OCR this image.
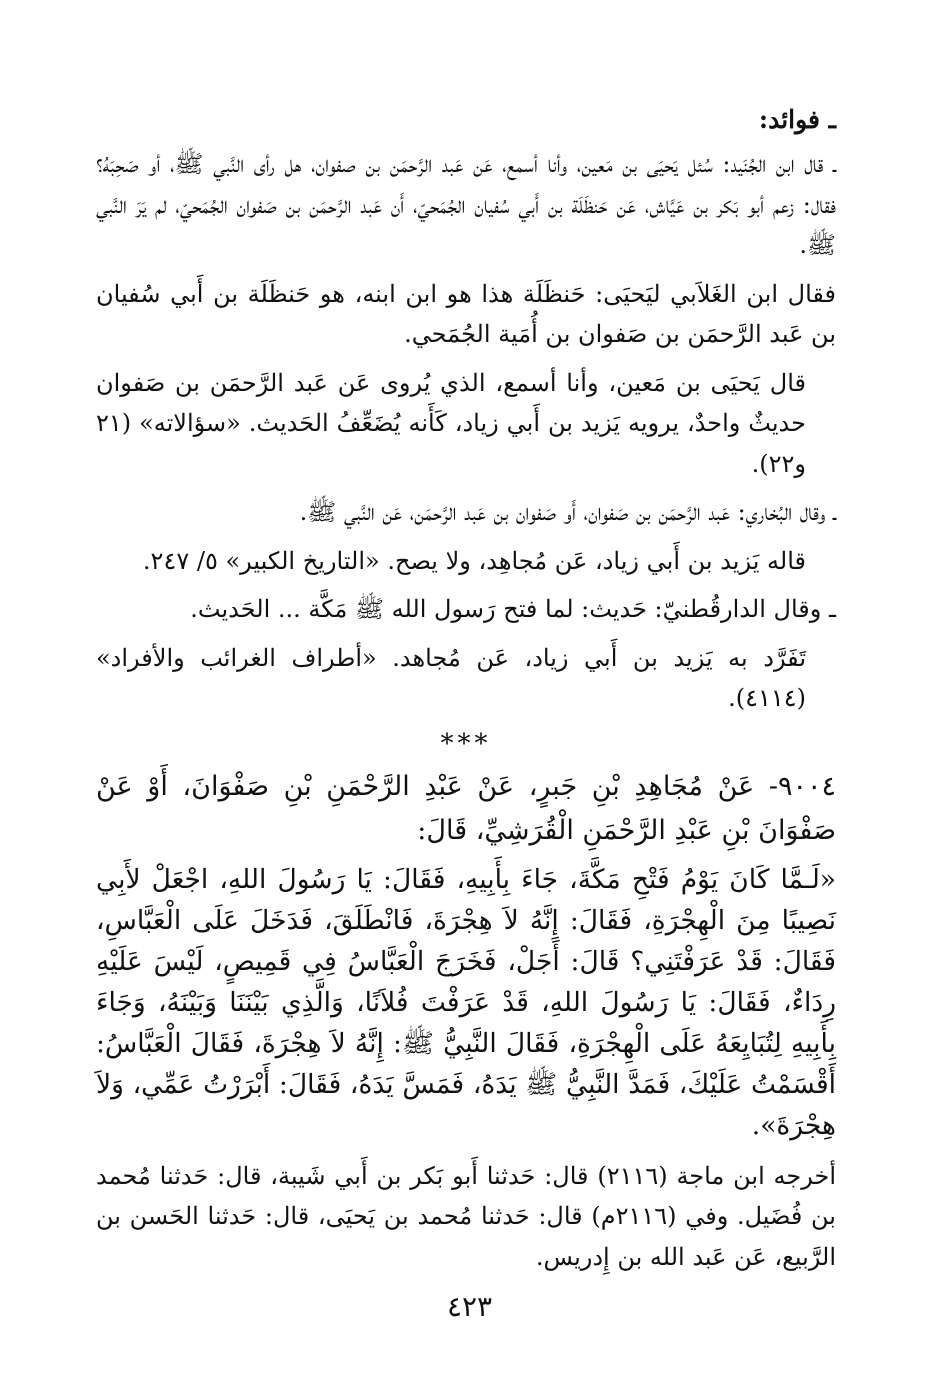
ـ فوائد:
ـ قال ابن الجُنَيد: سُئل يَحيَى بن مَعين، وأنا أسمع، عَن عَبد الرَّحمَن بن صفوان، هل رأى النَّبي ﷺ، أو صَحِبَهُ؟ فقال: زعم أبو بَكر بن عَيَّاش، عَن حَنظَلَة بن أَبي سُفيان الجُمَحيّ، أَن عَبد الرَّحمَن بن صَفوان الجُمَحيّ، لم يَرَ النَّبي ﷺ.
فقال ابن الغَلاَبي ليَحيَى: حَنظَلَة هذا هو ابن ابنه، هو حَنظَلَة بن أَبي سُفيان بن عَبد الرَّحمَن بن صَفوان بن أُمَية الجُمَحي.
قال يَحيَى بن مَعين، وأنا أسمع، الذي يُروى عَن عَبد الرَّحمَن بن صَفوان حديثٌ واحدٌ، يرويه يَزيد بن أَبي زياد، كَأَنه يُضَعِّفُ الحَديث. «سؤالاته» (٢١ و٢٢).
ـ وقال البُخاري: عَبد الرَّحمَن بن صَفوان، أَو صَفوان بن عَبد الرَّحمَن، عَن النَّبي ﷺ.
قاله يَزيد بن أَبي زياد، عَن مُجاهِد، ولا يصح. «التاريخ الكبير» ٥/ ٢٤٧.
ـ وقال الدارقُطنيّ: حَديث: لما فتح رَسول الله ﷺ مَكَّة ... الحَديث.
تَفَرَّد به يَزيد بن أَبي زياد، عَن مُجاهد. «أطراف الغرائب والأفراد» (٤١١٤).
***
٩٠٠٤- عَنْ مُجَاهِدِ بْنِ جَبرٍ، عَنْ عَبْدِ الرَّحْمَنِ بْنِ صَفْوَانَ، أَوْ عَنْ صَفْوَانَ بْنِ عَبْدِ الرَّحْمَنِ الْقُرَشِيِّ، قَالَ:
«لَـمَّا كَانَ يَوْمُ فَتْحِ مَكَّةَ، جَاءَ بِأَبِيهِ، فَقَالَ: يَا رَسُولَ اللهِ، اجْعَلْ لأَبِي نَصِيبًا مِنَ الْهِجْرَةِ، فَقَالَ: إِنَّهُ لاَ هِجْرَةَ، فَانْطَلَقَ، فَدَخَلَ عَلَى الْعَبَّاسِ، فَقَالَ: قَدْ عَرَفْتَنِي؟ قَالَ: أَجَلْ، فَخَرَجَ الْعَبَّاسُ فِي قَمِيصٍ، لَيْسَ عَلَيْهِ رِدَاءٌ، فَقَالَ: يَا رَسُولَ اللهِ، قَدْ عَرَفْتَ فُلاَنًا، وَالَّذِي بَيْنَنَا وَبَيْنَهُ، وَجَاءَ بِأَبِيهِ لِتُبَايِعَهُ عَلَى الْهِجْرَةِ، فَقَالَ النَّبِيُّ ﷺ: إِنَّهُ لاَ هِجْرَةَ، فَقَالَ الْعَبَّاسُ: أَقْسَمْتُ عَلَيْكَ، فَمَدَّ النَّبِيُّ ﷺ يَدَهُ، فَمَسَّ يَدَهُ، فَقَالَ: أَبْرَرْتُ عَمِّي، وَلاَ هِجْرَةَ».
أخرجه ابن ماجة (٢١١٦) قال: حَدثنا أَبو بَكر بن أَبي شَيبة، قال: حَدثنا مُحمد بن فُضَيل. وفي (٢١١٦م) قال: حَدثنا مُحمد بن يَحيَى، قال: حَدثنا الحَسن بن الرَّبيع، عَن عَبد الله بن إِدريس.
٤٢٣
